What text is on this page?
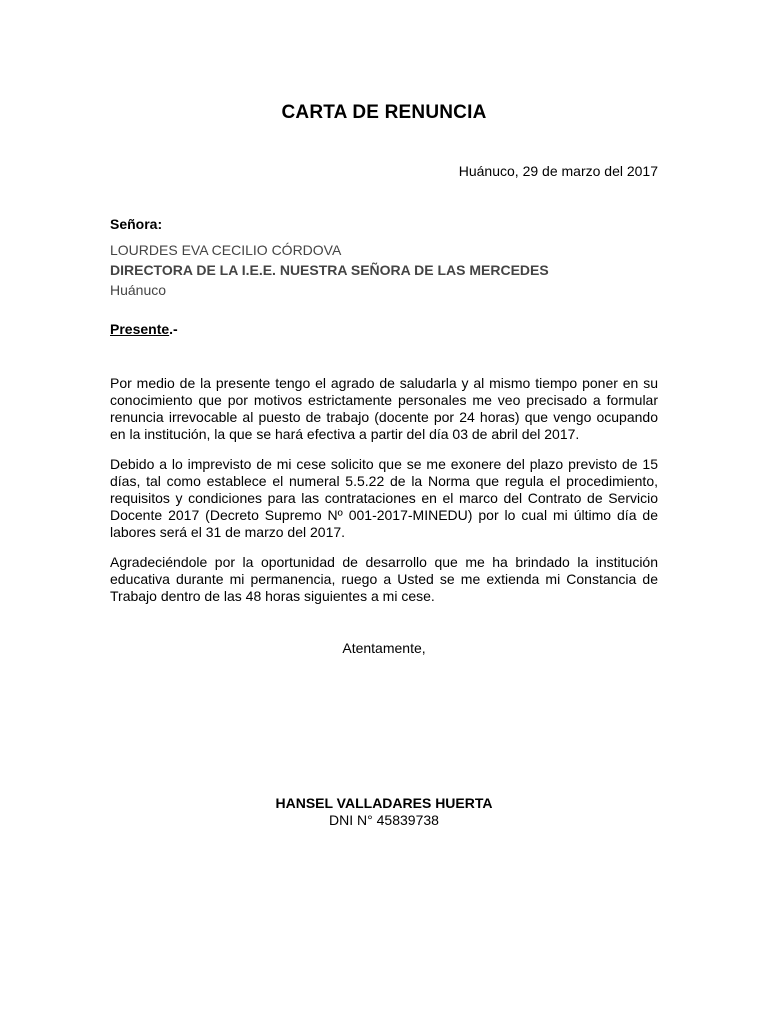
CARTA DE RENUNCIA
Huánuco, 29 de marzo del 2017
Señora:
LOURDES EVA CECILIO CÓRDOVA
DIRECTORA DE LA I.E.E. NUESTRA SEÑORA DE LAS MERCEDES
Huánuco
Presente.-
Por medio de la presente tengo el agrado de saludarla y al mismo tiempo poner en su conocimiento que por motivos estrictamente personales me veo precisado a formular renuncia irrevocable al puesto de trabajo (docente por 24 horas) que vengo ocupando en la institución, la que se hará efectiva a partir del día 03 de abril del 2017.
Debido a lo imprevisto de mi cese solicito que se me exonere del plazo previsto de 15 días, tal como establece el numeral 5.5.22 de la Norma que regula el procedimiento, requisitos y condiciones para las contrataciones en el marco del Contrato de Servicio Docente 2017 (Decreto Supremo Nº 001-2017-MINEDU) por lo cual mi último día de labores será el 31 de marzo del 2017.
Agradeciéndole por la oportunidad de desarrollo que me ha brindado la institución educativa durante mi permanencia, ruego a Usted se me extienda mi Constancia de Trabajo dentro de las 48 horas siguientes a mi cese.
Atentamente,
HANSEL VALLADARES HUERTA
DNI N° 45839738
